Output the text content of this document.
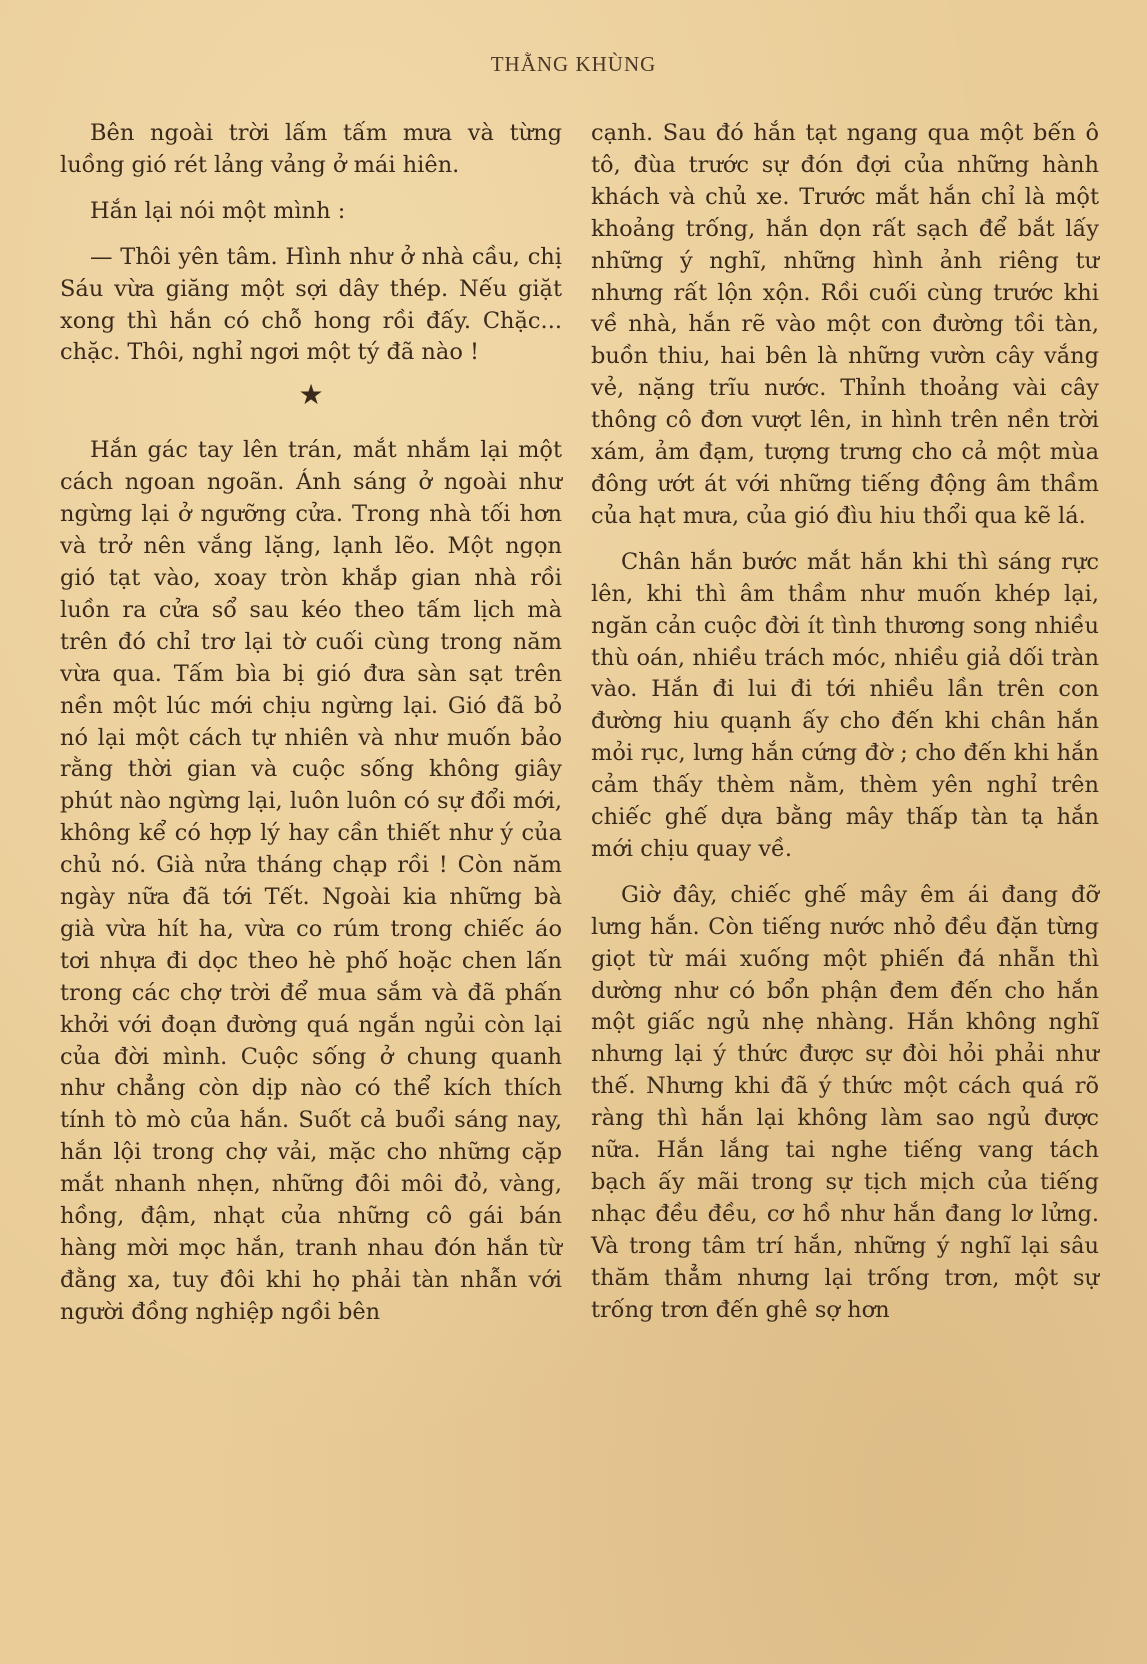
THẰNG KHÙNG

Bên ngoài trời lấm tấm mưa và từng luồng gió rét lảng vảng ở mái hiên.

Hắn lại nói một mình :

— Thôi yên tâm. Hình như ở nhà cầu, chị Sáu vừa giăng một sợi dây thép. Nếu giặt xong thì hắn có chỗ hong rồi đấy. Chặc... chặc. Thôi, nghỉ ngơi một tý đã nào !

★

Hắn gác tay lên trán, mắt nhắm lại một cách ngoan ngoãn. Ánh sáng ở ngoài như ngừng lại ở ngưỡng cửa. Trong nhà tối hơn và trở nên vắng lặng, lạnh lẽo. Một ngọn gió tạt vào, xoay tròn khắp gian nhà rồi luồn ra cửa sổ sau kéo theo tấm lịch mà trên đó chỉ trơ lại tờ cuối cùng trong năm vừa qua. Tấm bìa bị gió đưa sàn sạt trên nền một lúc mới chịu ngừng lại. Gió đã bỏ nó lại một cách tự nhiên và như muốn bảo rằng thời gian và cuộc sống không giây phút nào ngừng lại, luôn luôn có sự đổi mới, không kể có hợp lý hay cần thiết như ý của chủ nó. Già nửa tháng chạp rồi ! Còn năm ngày nữa đã tới Tết. Ngoài kia những bà già vừa hít ha, vừa co rúm trong chiếc áo tơi nhựa đi dọc theo hè phố hoặc chen lấn trong các chợ trời để mua sắm và đã phấn khởi với đoạn đường quá ngắn ngủi còn lại của đời mình. Cuộc sống ở chung quanh như chẳng còn dịp nào có thể kích thích tính tò mò của hắn. Suốt cả buổi sáng nay, hắn lội trong chợ vải, mặc cho những cặp mắt nhanh nhẹn, những đôi môi đỏ, vàng, hồng, đậm, nhạt của những cô gái bán hàng mời mọc hắn, tranh nhau đón hắn từ đằng xa, tuy đôi khi họ phải tàn nhẫn với người đồng nghiệp ngồi bên

cạnh. Sau đó hắn tạt ngang qua một bến ô tô, đùa trước sự đón đợi của những hành khách và chủ xe. Trước mắt hắn chỉ là một khoảng trống, hắn dọn rất sạch để bắt lấy những ý nghĩ, những hình ảnh riêng tư nhưng rất lộn xộn. Rồi cuối cùng trước khi về nhà, hắn rẽ vào một con đường tồi tàn, buồn thiu, hai bên là những vườn cây vắng vẻ, nặng trĩu nước. Thỉnh thoảng vài cây thông cô đơn vượt lên, in hình trên nền trời xám, ảm đạm, tượng trưng cho cả một mùa đông ướt át với những tiếng động âm thầm của hạt mưa, của gió đìu hiu thổi qua kẽ lá.

Chân hắn bước mắt hắn khi thì sáng rực lên, khi thì âm thầm như muốn khép lại, ngăn cản cuộc đời ít tình thương song nhiều thù oán, nhiều trách móc, nhiều giả dối tràn vào. Hắn đi lui đi tới nhiều lần trên con đường hiu quạnh ấy cho đến khi chân hắn mỏi rục, lưng hắn cứng đờ ; cho đến khi hắn cảm thấy thèm nằm, thèm yên nghỉ trên chiếc ghế dựa bằng mây thấp tàn tạ hắn mới chịu quay về.

Giờ đây, chiếc ghế mây êm ái đang đỡ lưng hắn. Còn tiếng nước nhỏ đều đặn từng giọt từ mái xuống một phiến đá nhẵn thì dường như có bổn phận đem đến cho hắn một giấc ngủ nhẹ nhàng. Hắn không nghĩ nhưng lại ý thức được sự đòi hỏi phải như thế. Nhưng khi đã ý thức một cách quá rõ ràng thì hắn lại không làm sao ngủ được nữa. Hắn lắng tai nghe tiếng vang tách bạch ấy mãi trong sự tịch mịch của tiếng nhạc đều đều, cơ hồ như hắn đang lơ lửng. Và trong tâm trí hắn, những ý nghĩ lại sâu thăm thẳm nhưng lại trống trơn, một sự trống trơn đến ghê sợ hơn
